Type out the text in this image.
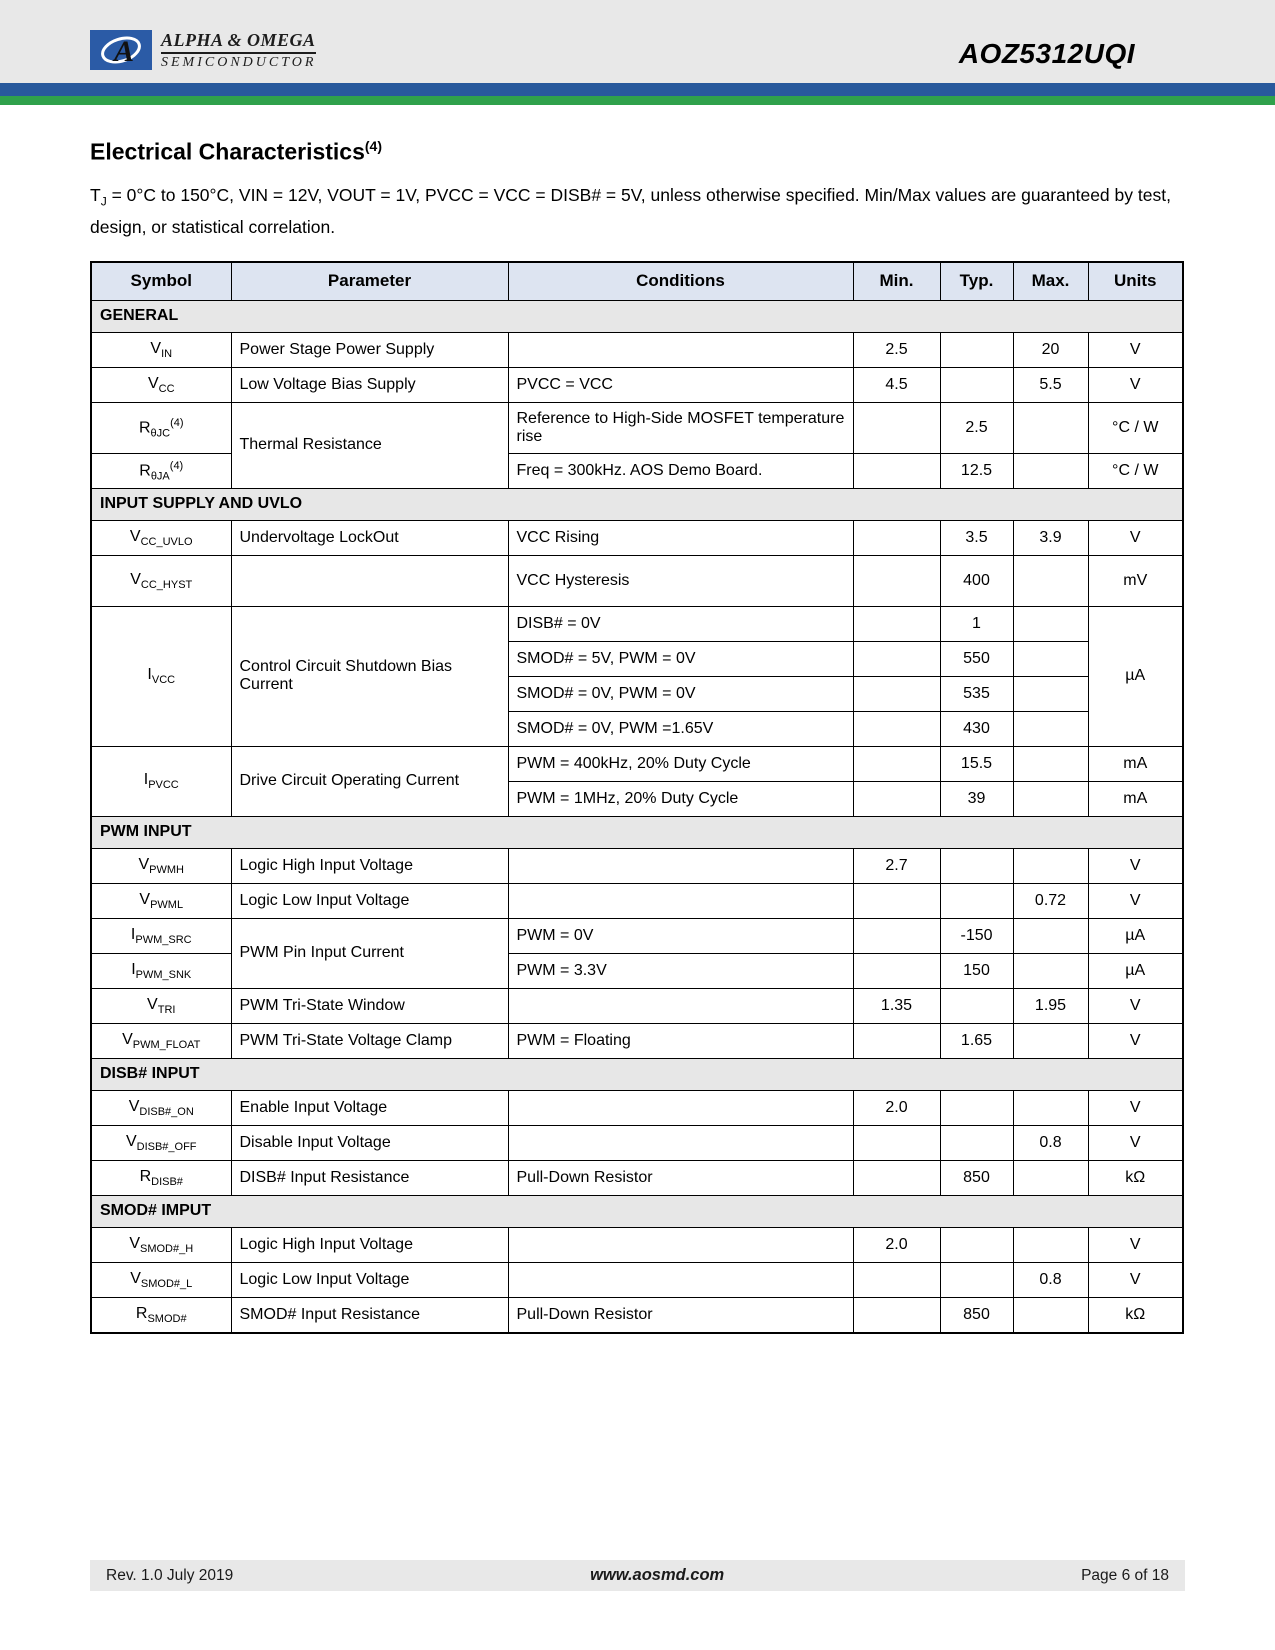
A ALPHA & OMEGA
SEMICONDUCTOR	AOZ5312UQI
Electrical Characteristics$^{(4)}$

$T_J = 0^\circ C$ to 150°C, VIN = 12V, VOUT = 1V, PVCC = VCC = DISB# = 5V, unless otherwise specified. Min/Max values are guaranteed by test, design, or statistical correlation.

Symbol	Parameter	Conditions	Min.	Typ.	Max.	Units
GENERAL						
$V_{IN}$	Power Stage Power Supply		2.5		20	V
$V_{CC}$	Low Voltage Bias Supply	PVCC = VCC	4.5		5.5	V
$R_{\theta JC}^{(4)}$	Thermal Resistance	Reference to High-Side MOSFET temperature rise		2.5		°C / W
$R_{\theta JA}^{(4)}$		Freq = 300kHz. AOS Demo Board.		12.5		°C / W
INPUT SUPPLY AND UVLO						
$V_{CC\_UVLO}$	Undervoltage LockOut	VCC Rising		3.5	3.9	V
$V_{CC\_HYST}$		VCC Hysteresis		400		mV
$I_{VCC}$	Control Circuit Shutdown Bias Current	DISB# = 0V		1		µA
		SMOD# = 5V, PWM = 0V		550		
		SMOD# = 0V, PWM = 0V		535		
		SMOD# = 0V, PWM =1.65V		430		
$I_{PVCC}$	Drive Circuit Operating Current	PWM = 400kHz, 20% Duty Cycle		15.5		mA
		PWM = 1MHz, 20% Duty Cycle		39		mA
PWM INPUT						
$V_{PWMH}$	Logic High Input Voltage		2.7			V
$V_{PWML}$	Logic Low Input Voltage				0.72	V
$I_{PWM\_SRC}$	PWM Pin Input Current	PWM = 0V		-150		µA
$I_{PWM\_SNK}$		PWM = 3.3V		150		µA
$V_{TRI}$	PWM Tri-State Window		1.35		1.95	V
$V_{PWM\_FLOAT}$	PWM Tri-State Voltage Clamp	PWM = Floating		1.65		V
DISB# INPUT						
$V_{DISB\#\_ON}$	Enable Input Voltage		2.0			V
$V_{DISB\#\_OFF}$	Disable Input Voltage				0.8	V
$R_{DISB\#}$	DISB# Input Resistance	Pull-Down Resistor		850		kΩ
SMOD# IMPUT						
$V_{SMOD\#\_H}$	Logic High Input Voltage		2.0			V
$V_{SMOD\#\_L}$	Logic Low Input Voltage				0.8	V
$R_{SMOD\#}$	SMOD# Input Resistance	Pull-Down Resistor		850		kΩ
Rev. 1.0 July 2019	www.aosmd.com	Page 6 of 18
